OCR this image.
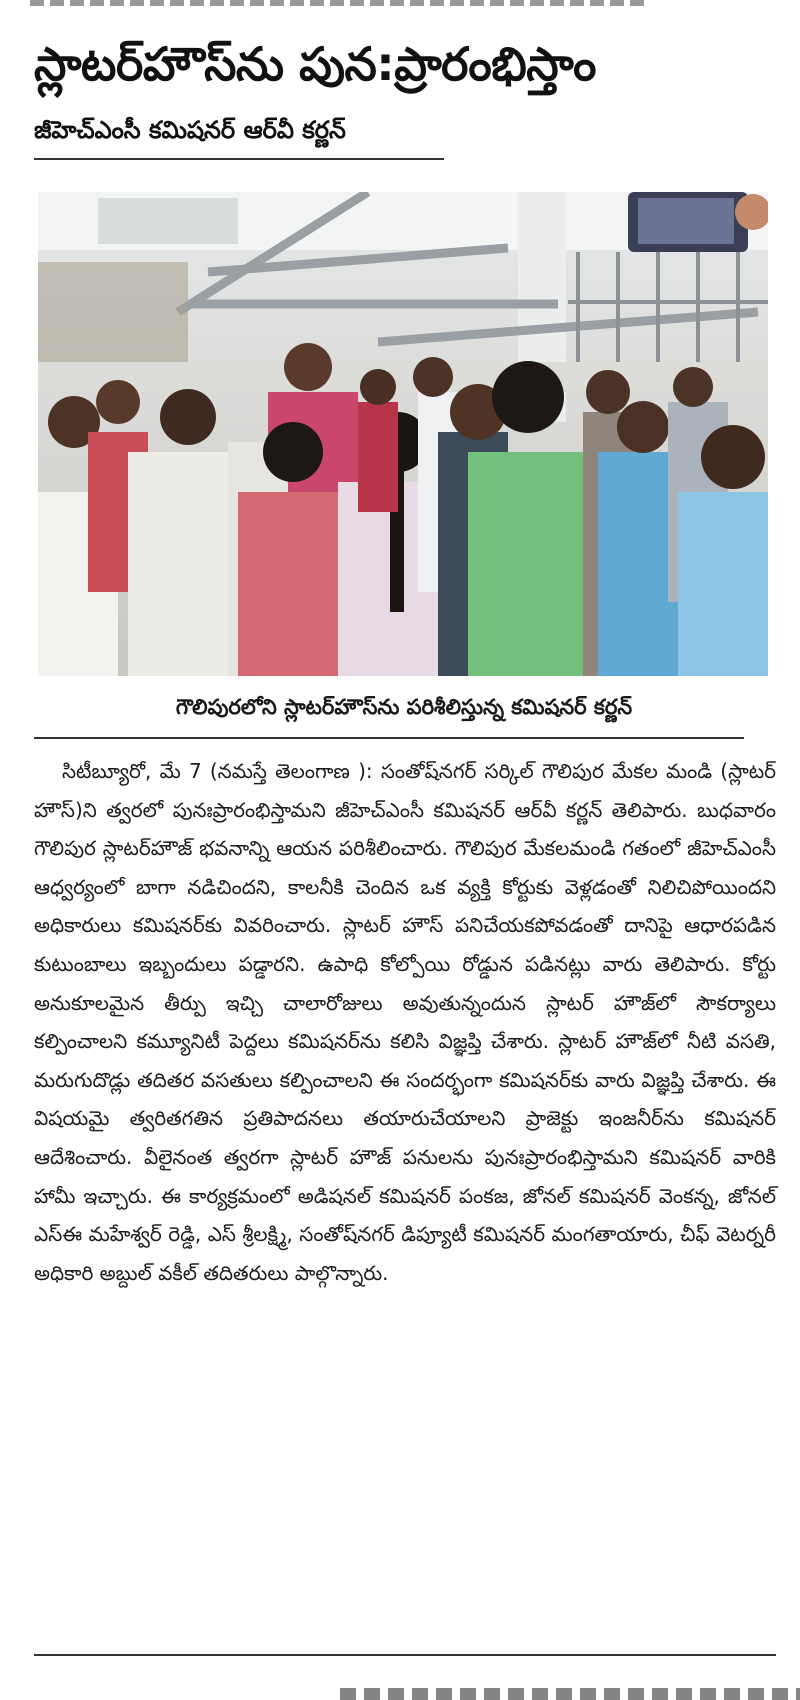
స్లాటర్‌హౌస్‌ను పున:ప్రారంభిస్తాం
జీహెచ్‌ఎంసీ కమిషనర్ ఆర్‌వీ కర్ణన్

గౌలిపురలోని స్లాటర్‌హౌస్‌ను పరిశీలిస్తున్న కమిషనర్ కర్ణన్

సిటీబ్యూరో, మే 7 (నమస్తే తెలంగాణ ): సంతోష్‌నగర్ సర్కిల్ గౌలిపుర మేకల మండి (స్లాటర్ హౌస్)ని త్వరలో పునఃప్రారంభిస్తామని జీహెచ్‌ఎంసీ కమిషనర్ ఆర్‌వీ కర్ణన్ తెలిపారు. బుధవారం గౌలిపుర స్లాటర్‌హౌజ్ భవనాన్ని ఆయన పరిశీలించారు. గౌలిపుర మేకలమండి గతంలో జీహెచ్‌ఎంసీ ఆధ్వర్యంలో బాగా నడిచిందని, కాలనీకి చెందిన ఒక వ్యక్తి కోర్టుకు వెళ్లడంతో నిలిచిపోయిందని అధికారులు కమిషనర్‌కు వివరించారు. స్లాటర్ హౌస్ పనిచేయకపోవడంతో దానిపై ఆధారపడిన కుటుంబాలు ఇబ్బందులు పడ్డారని. ఉపాధి కోల్పోయి రోడ్డున పడినట్లు వారు తెలిపారు. కోర్టు అనుకూలమైన తీర్పు ఇచ్చి చాలారోజులు అవుతున్నందున స్లాటర్ హౌజ్‌లో సౌకర్యాలు కల్పించాలని కమ్యూనిటీ పెద్దలు కమిషనర్‌ను కలిసి విజ్ఞప్తి చేశారు. స్లాటర్ హౌజ్‌లో నీటి వసతి, మరుగుదొడ్లు తదితర వసతులు కల్పించాలని ఈ సందర్భంగా కమిషనర్‌కు వారు విజ్ఞప్తి చేశారు. ఈ విషయమై త్వరితగతిన ప్రతిపాదనలు తయారుచేయాలని ప్రాజెక్టు ఇంజనీర్‌ను కమిషనర్ ఆదేశించారు. వీలైనంత త్వరగా స్లాటర్ హౌజ్ పనులను పునఃప్రారంభిస్తామని కమిషనర్ వారికి హామీ ఇచ్చారు. ఈ కార్యక్రమంలో అడిషనల్ కమిషనర్ పంకజ, జోనల్ కమిషనర్ వెంకన్న, జోనల్ ఎస్ఈ మహేశ్వర్ రెడ్డి, ఎస్ శ్రీలక్ష్మి, సంతోష్‌నగర్ డిప్యూటీ కమిషనర్ మంగతాయారు, చీఫ్ వెటర్నరీ అధికారి అబ్దుల్ వకీల్ తదితరులు పాల్గొన్నారు.
